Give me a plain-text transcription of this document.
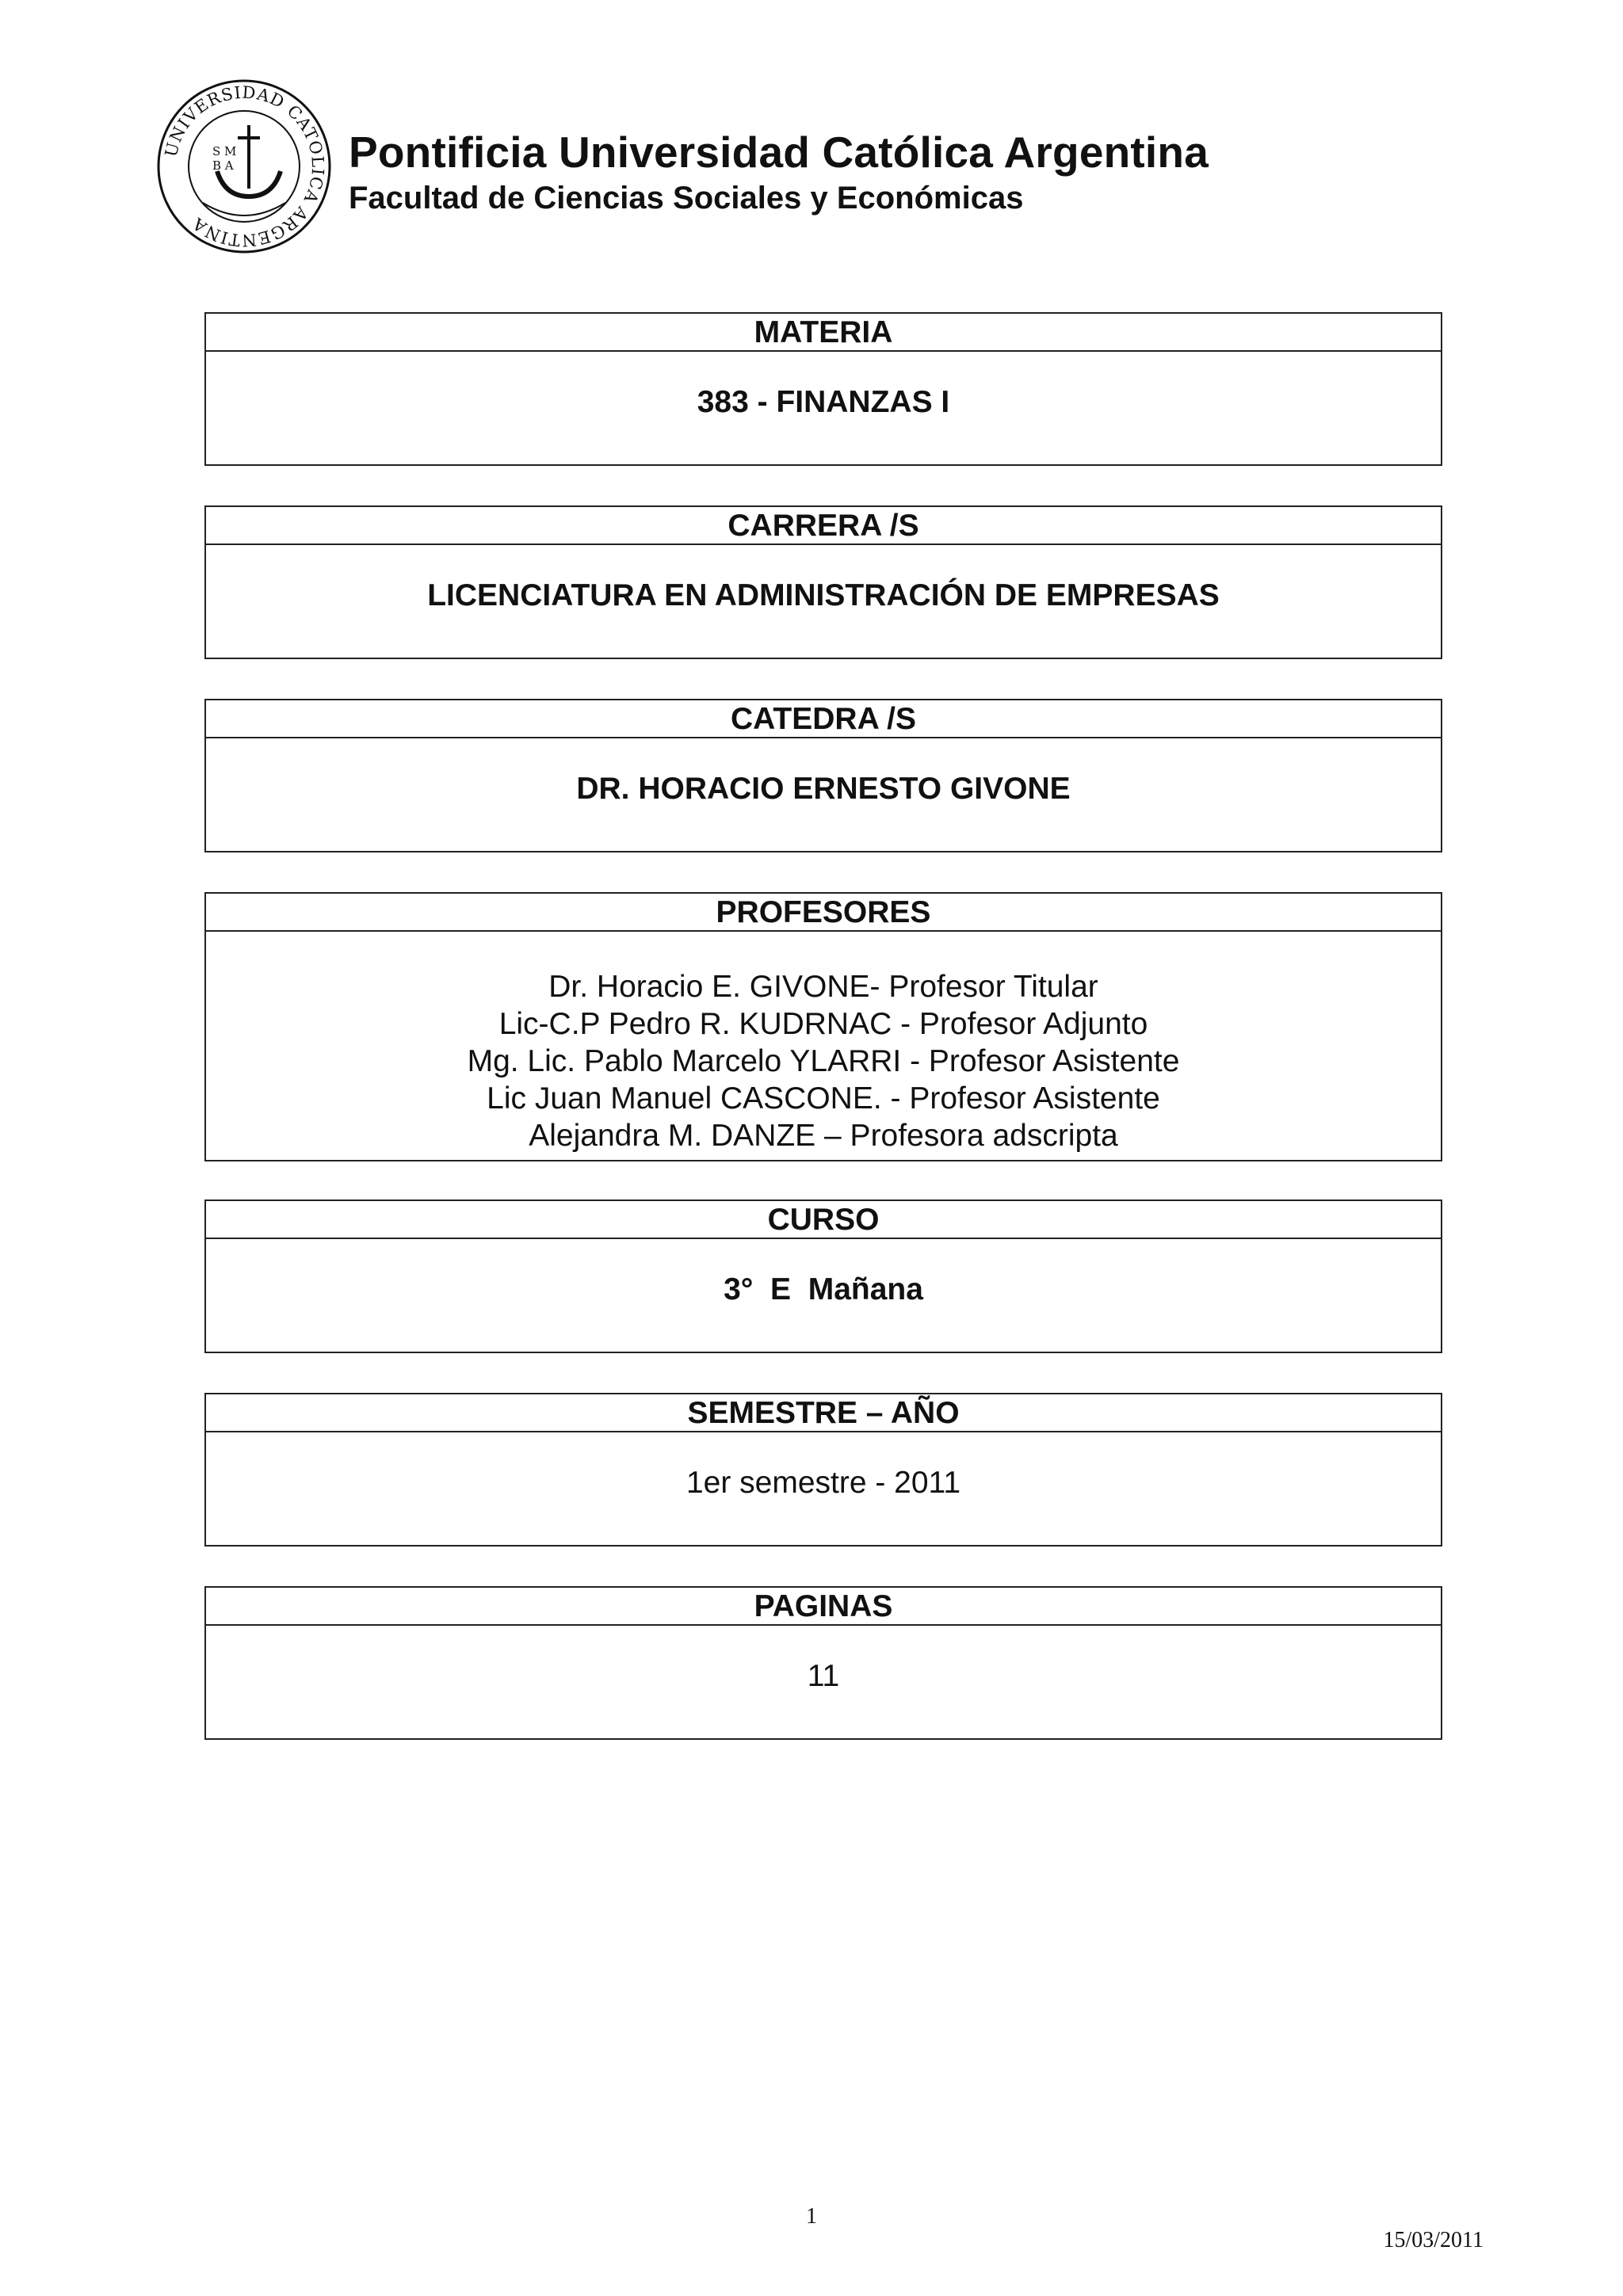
UNIVERSIDAD CATOLICA ARGENTINA
S M
B A	Pontificia Universidad Católica Argentina
Facultad de Ciencias Sociales y Económicas
MATERIA
383 - FINANZAS I
CARRERA /S
LICENCIATURA EN ADMINISTRACIÓN DE EMPRESAS
CATEDRA /S
DR. HORACIO ERNESTO GIVONE
PROFESORES
Dr. Horacio E. GIVONE- Profesor Titular
Lic-C.P Pedro R. KUDRNAC - Profesor Adjunto
Mg. Lic. Pablo Marcelo YLARRI - Profesor Asistente
Lic Juan Manuel CASCONE. - Profesor Asistente
Alejandra M. DANZE – Profesora adscripta
CURSO
3°  E  Mañana
SEMESTRE – AÑO
1er semestre - 2011
PAGINAS
11
1
15/03/2011
